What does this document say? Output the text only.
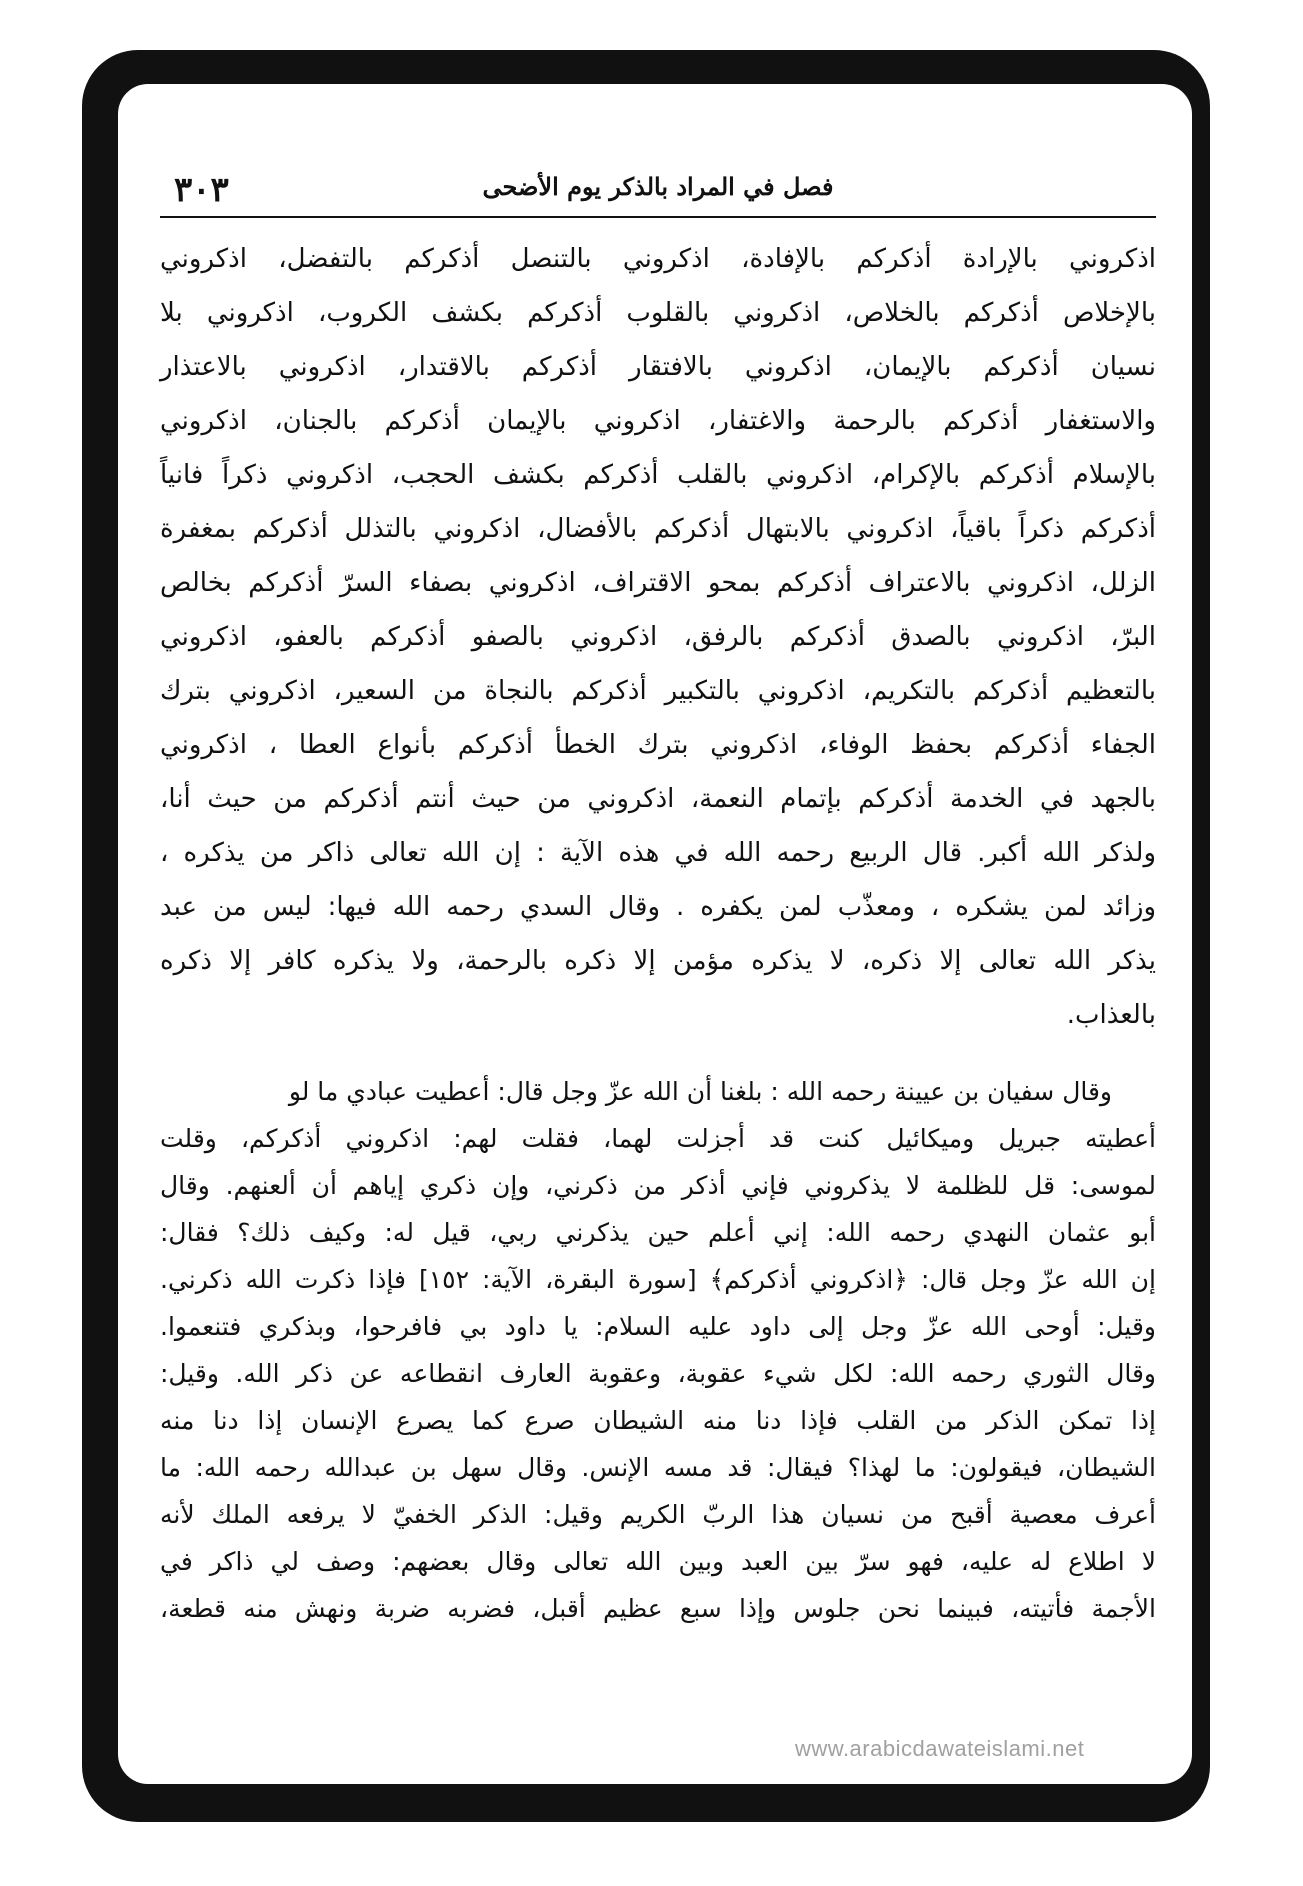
٣٠٣	فصل في المراد بالذكر يوم الأضحى
اذكروني بالإرادة أذكركم بالإفادة، اذكروني بالتنصل أذكركم بالتفضل، اذكروني
بالإخلاص أذكركم بالخلاص، اذكروني بالقلوب أذكركم بكشف الكروب، اذكروني بلا
نسيان أذكركم بالإيمان، اذكروني بالافتقار أذكركم بالاقتدار، اذكروني بالاعتذار
والاستغفار أذكركم بالرحمة والاغتفار، اذكروني بالإيمان أذكركم بالجنان، اذكروني
بالإسلام أذكركم بالإكرام، اذكروني بالقلب أذكركم بكشف الحجب، اذكروني ذكراً فانياً
أذكركم ذكراً باقياً، اذكروني بالابتهال أذكركم بالأفضال، اذكروني بالتذلل أذكركم بمغفرة
الزلل، اذكروني بالاعتراف أذكركم بمحو الاقتراف، اذكروني بصفاء السرّ أذكركم بخالص
البرّ، اذكروني بالصدق أذكركم بالرفق، اذكروني بالصفو أذكركم بالعفو، اذكروني
بالتعظيم أذكركم بالتكريم، اذكروني بالتكبير أذكركم بالنجاة من السعير، اذكروني بترك
الجفاء أذكركم بحفظ الوفاء، اذكروني بترك الخطأ أذكركم بأنواع العطا ، اذكروني
بالجهد في الخدمة أذكركم بإتمام النعمة، اذكروني من حيث أنتم أذكركم من حيث أنا،
ولذكر الله أكبر. قال الربيع رحمه الله في هذه الآية : إن الله تعالى ذاكر من يذكره ،
وزائد لمن يشكره ، ومعذّب لمن يكفره . وقال السدي رحمه الله فيها: ليس من عبد
يذكر الله تعالى إلا ذكره، لا يذكره مؤمن إلا ذكره بالرحمة، ولا يذكره كافر إلا ذكره
بالعذاب.
وقال سفيان بن عيينة رحمه الله : بلغنا أن الله عزّ وجل قال: أعطيت عبادي ما لو
أعطيته جبريل وميكائيل كنت قد أجزلت لهما، فقلت لهم: اذكروني أذكركم، وقلت
لموسى: قل للظلمة لا يذكروني فإني أذكر من ذكرني، وإن ذكري إياهم أن ألعنهم. وقال
أبو عثمان النهدي رحمه الله: إني أعلم حين يذكرني ربي، قيل له: وكيف ذلك؟ فقال:
إن الله عزّ وجل قال: ﴿اذكروني أذكركم﴾ [سورة البقرة، الآية: ١٥٢] فإذا ذكرت الله ذكرني.
وقيل: أوحى الله عزّ وجل إلى داود عليه السلام: يا داود بي فافرحوا، وبذكري فتنعموا.
وقال الثوري رحمه الله: لكل شيء عقوبة، وعقوبة العارف انقطاعه عن ذكر الله. وقيل:
إذا تمكن الذكر من القلب فإذا دنا منه الشيطان صرع كما يصرع الإنسان إذا دنا منه
الشيطان، فيقولون: ما لهذا؟ فيقال: قد مسه الإنس. وقال سهل بن عبدالله رحمه الله: ما
أعرف معصية أقبح من نسيان هذا الربّ الكريم وقيل: الذكر الخفيّ لا يرفعه الملك لأنه
لا اطلاع له عليه، فهو سرّ بين العبد وبين الله تعالى وقال بعضهم: وصف لي ذاكر في
الأجمة فأتيته، فبينما نحن جلوس وإذا سبع عظيم أقبل، فضربه ضربة ونهش منه قطعة،
www.arabicdawateislami.net
